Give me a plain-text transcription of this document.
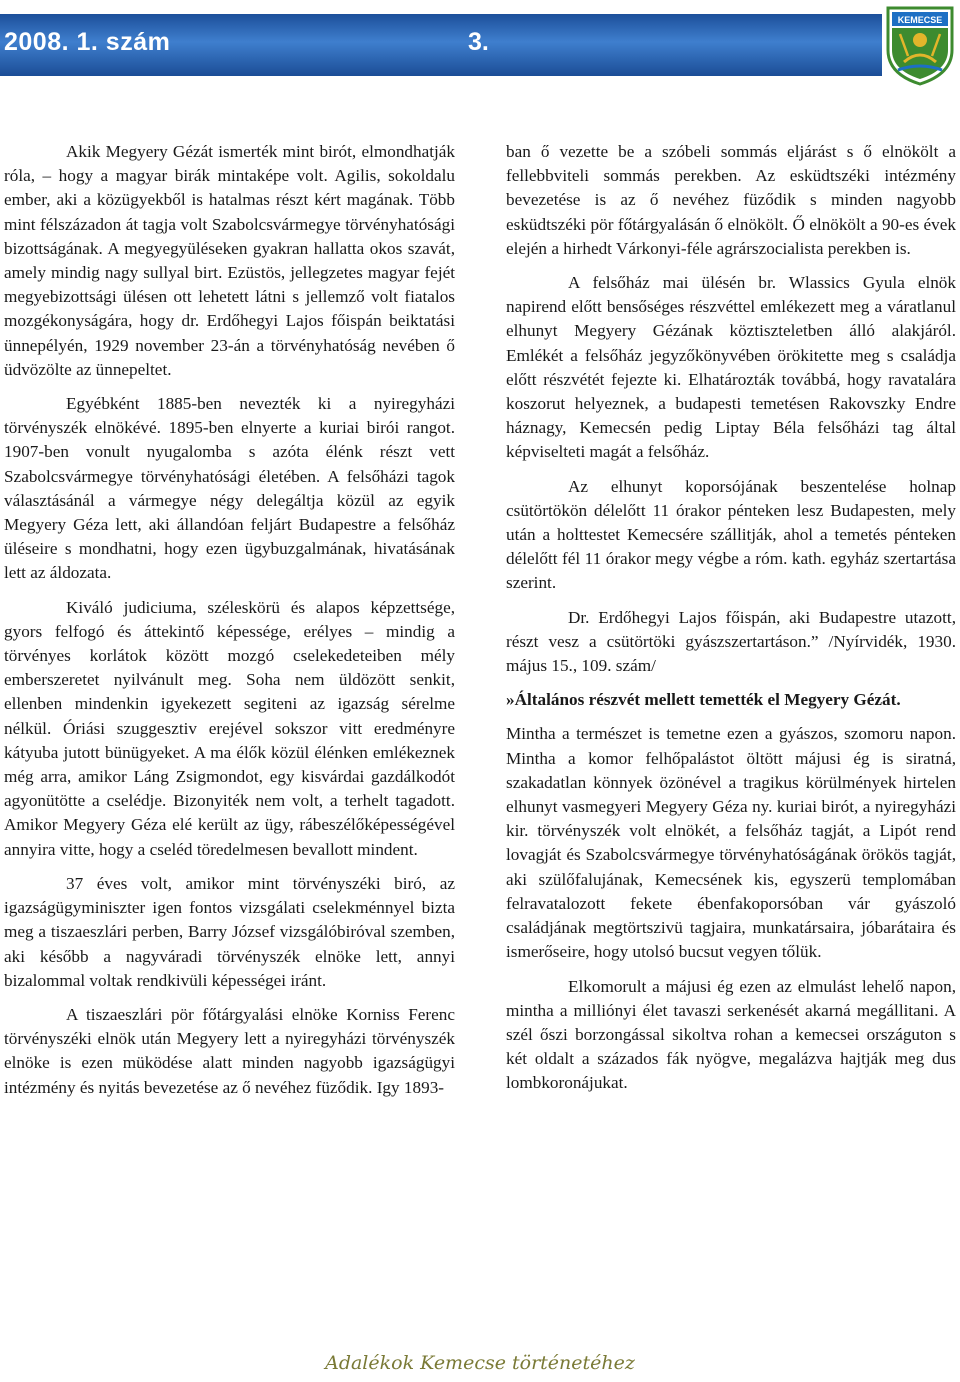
2008. 1. szám	3.
KEMECSE

Akik Megyery Gézát ismerték mint birót, elmondhatják róla, – hogy a magyar birák mintaképe volt. Agilis, sokoldalu ember, aki a közügyekből is hatalmas részt kért magának. Több mint félszázadon át tagja volt Szabolcsvármegye törvényhatósági bizottságának. A megyegyüléseken gyakran hallatta okos szavát, amely mindig nagy sullyal birt. Ezüstös, jellegzetes magyar fejét megyebizottsági ülésen ott lehetett látni s jellemző volt fiatalos mozgékonyságára, hogy dr. Erdőhegyi Lajos főispán beiktatási ünnepélyén, 1929 november 23-án a törvényhatóság nevében ő üdvözölte az ünnepeltet.

Egyébként 1885-ben nevezték ki a nyiregyházi törvényszék elnökévé. 1895-ben elnyerte a kuriai birói rangot. 1907-ben vonult nyugalomba s azóta élénk részt vett Szabolcsvármegye törvényhatósági életében. A felsőházi tagok választásánál a vármegye négy delegáltja közül az egyik Megyery Géza lett, aki állandóan feljárt Budapestre a felsőház üléseire s mondhatni, hogy ezen ügybuzgalmának, hivatásának lett az áldozata.

Kiváló judiciuma, széleskörü és alapos képzettsége, gyors felfogó és áttekintő képessége, erélyes – mindig a törvényes korlátok között mozgó cselekedeteiben mély emberszeretet nyilvánult meg. Soha nem üldözött senkit, ellenben mindenkin igyekezett segiteni az igazság sérelme nélkül. Óriási szuggesztiv erejével sokszor vitt eredményre kátyuba jutott bünügyeket. A ma élők közül élénken emlékeznek még arra, amikor Láng Zsigmondot, egy kisvárdai gazdálkodót agyonütötte a cselédje. Bizonyiték nem volt, a terhelt tagadott. Amikor Megyery Géza elé került az ügy, rábeszélőképességével annyira vitte, hogy a cseléd töredelmesen bevallott mindent.

37 éves volt, amikor mint törvényszéki biró, az igazságügyminiszter igen fontos vizsgálati cselekménnyel bizta meg a tiszaeszlári perben, Barry József vizsgálóbiróval szemben, aki később a nagyváradi törvényszék elnöke lett, annyi bizalommal voltak rendkivüli képességei iránt.

A tiszaeszlári pör főtárgyalási elnöke Korniss Ferenc törvényszéki elnök után Megyery lett a nyiregyházi törvényszék elnöke is ezen müködése alatt minden nagyobb igazságügyi intézmény és nyitás bevezetése az ő nevéhez füződik. Igy 1893-

ban ő vezette be a szóbeli sommás eljárást s ő elnökölt a fellebbviteli sommás perekben. Az esküdtszéki intézmény bevezetése is az ő nevéhez füződik s minden nagyobb esküdtszéki pör főtárgyalásán ő elnökölt. Ő elnökölt a 90-es évek elején a hirhedt Várkonyi-féle agrárszocialista perekben is.

A felsőház mai ülésén br. Wlassics Gyula elnök napirend előtt bensőséges részvéttel emlékezett meg a váratlanul elhunyt Megyery Gézának köztiszteletben álló alakjáról. Emlékét a felsőház jegyzőkönyvében örökitette meg s családja előtt részvétét fejezte ki. Elhatározták továbbá, hogy ravatalára koszorut helyeznek, a budapesti temetésen Rakovszky Endre háznagy, Kemecsén pedig Liptay Béla felsőházi tag által képviselteti magát a felsőház.

Az elhunyt koporsójának beszentelése holnap csütörtökön délelőtt 11 órakor pénteken lesz Budapesten, mely után a holttestet Kemecsére szállitják, ahol a temetés pénteken délelőtt fél 11 órakor megy végbe a róm. kath. egyház szertartása szerint.

Dr. Erdőhegyi Lajos főispán, aki Budapestre utazott, részt vesz a csütörtöki gyászszertartáson.” /Nyírvidék, 1930. május 15., 109. szám/

»Általános részvét mellett temették el Megyery Gézát.

Mintha a természet is temetne ezen a gyászos, szomoru napon. Mintha a komor felhőpalástot öltött májusi ég is siratná, szakadatlan könnyek özönével a tragikus körülmények hirtelen elhunyt vasmegyeri Megyery Géza ny. kuriai birót, a nyiregyházi kir. törvényszék volt elnökét, a felsőház tagját, a Lipót rend lovagját és Szabolcsvármegye törvényhatóságának örökös tagját, aki szülőfalujának, Kemecsének kis, egyszerü templomában felravatalozott fekete ébenfakoporsóban vár gyászoló családjának megtörtszivü tagjaira, munkatársaira, jóbarátaira és ismerőseire, hogy utolsó bucsut vegyen tőlük.

Elkomorult a májusi ég ezen az elmulást lehelő napon, mintha a milliónyi élet tavaszi serkenését akarná megállitani. A szél őszi borzongással sikoltva rohan a kemecsei országuton s két oldalt a százados fák nyögve, megalázva hajtják meg dus lombkoronájukat.

Adalékok Kemecse történetéhez
